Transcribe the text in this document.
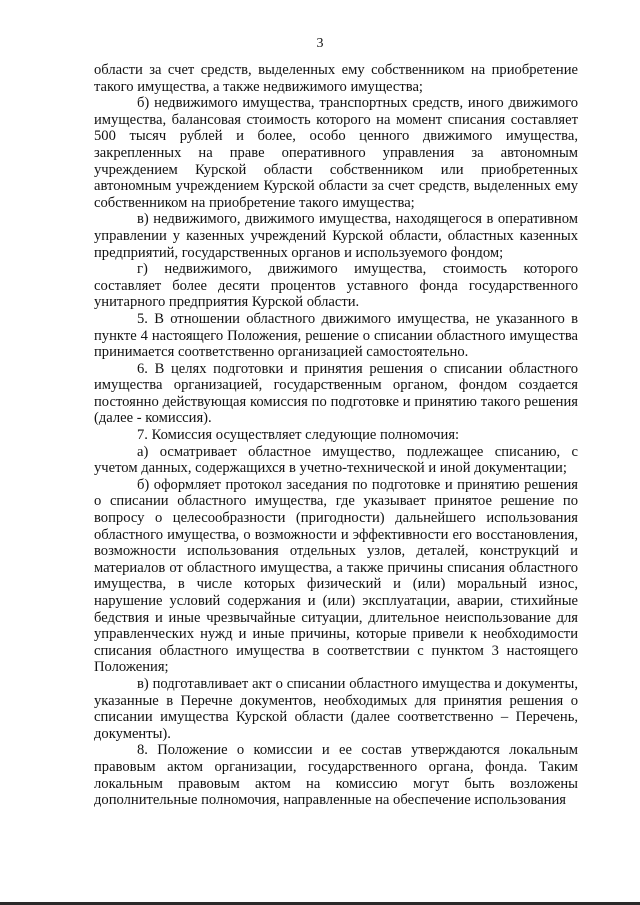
3

области за счет средств, выделенных ему собственником на приобретение такого имущества, а также недвижимого имущества;

б) недвижимого имущества, транспортных средств, иного движимого имущества, балансовая стоимость которого на момент списания составляет 500 тысяч рублей и более, особо ценного движимого имущества, закрепленных на праве оперативного управления за автономным учреждением Курской области собственником или приобретенных автономным учреждением Курской области за счет средств, выделенных ему собственником на приобретение такого имущества;

в) недвижимого, движимого имущества, находящегося в оперативном управлении у казенных учреждений Курской области, областных казенных предприятий, государственных органов и используемого фондом;

г) недвижимого, движимого имущества, стоимость которого составляет более десяти процентов уставного фонда государственного унитарного предприятия Курской области.

5. В отношении областного движимого имущества, не указанного в пункте 4 настоящего Положения, решение о списании областного имущества принимается соответственно организацией самостоятельно.

6. В целях подготовки и принятия решения о списании областного имущества организацией, государственным органом, фондом создается постоянно действующая комиссия по подготовке и принятию такого решения (далее - комиссия).

7. Комиссия осуществляет следующие полномочия:

а) осматривает областное имущество, подлежащее списанию, с учетом данных, содержащихся в учетно-технической и иной документации;

б) оформляет протокол заседания по подготовке и принятию решения о списании областного имущества, где указывает принятое решение по вопросу о целесообразности (пригодности) дальнейшего использования областного имущества, о возможности и эффективности его восстановления, возможности использования отдельных узлов, деталей, конструкций и материалов от областного имущества, а также причины списания областного имущества, в числе которых физический и (или) моральный износ, нарушение условий содержания и (или) эксплуатации, аварии, стихийные бедствия и иные чрезвычайные ситуации, длительное неиспользование для управленческих нужд и иные причины, которые привели к необходимости списания областного имущества в соответствии с пунктом 3 настоящего Положения;

в) подготавливает акт о списании областного имущества и документы, указанные в Перечне документов, необходимых для принятия решения о списании имущества Курской области (далее соответственно – Перечень, документы).

8. Положение о комиссии и ее состав утверждаются локальным правовым актом организации, государственного органа, фонда. Таким локальным правовым актом на комиссию могут быть возложены дополнительные полномочия, направленные на обеспечение использования
